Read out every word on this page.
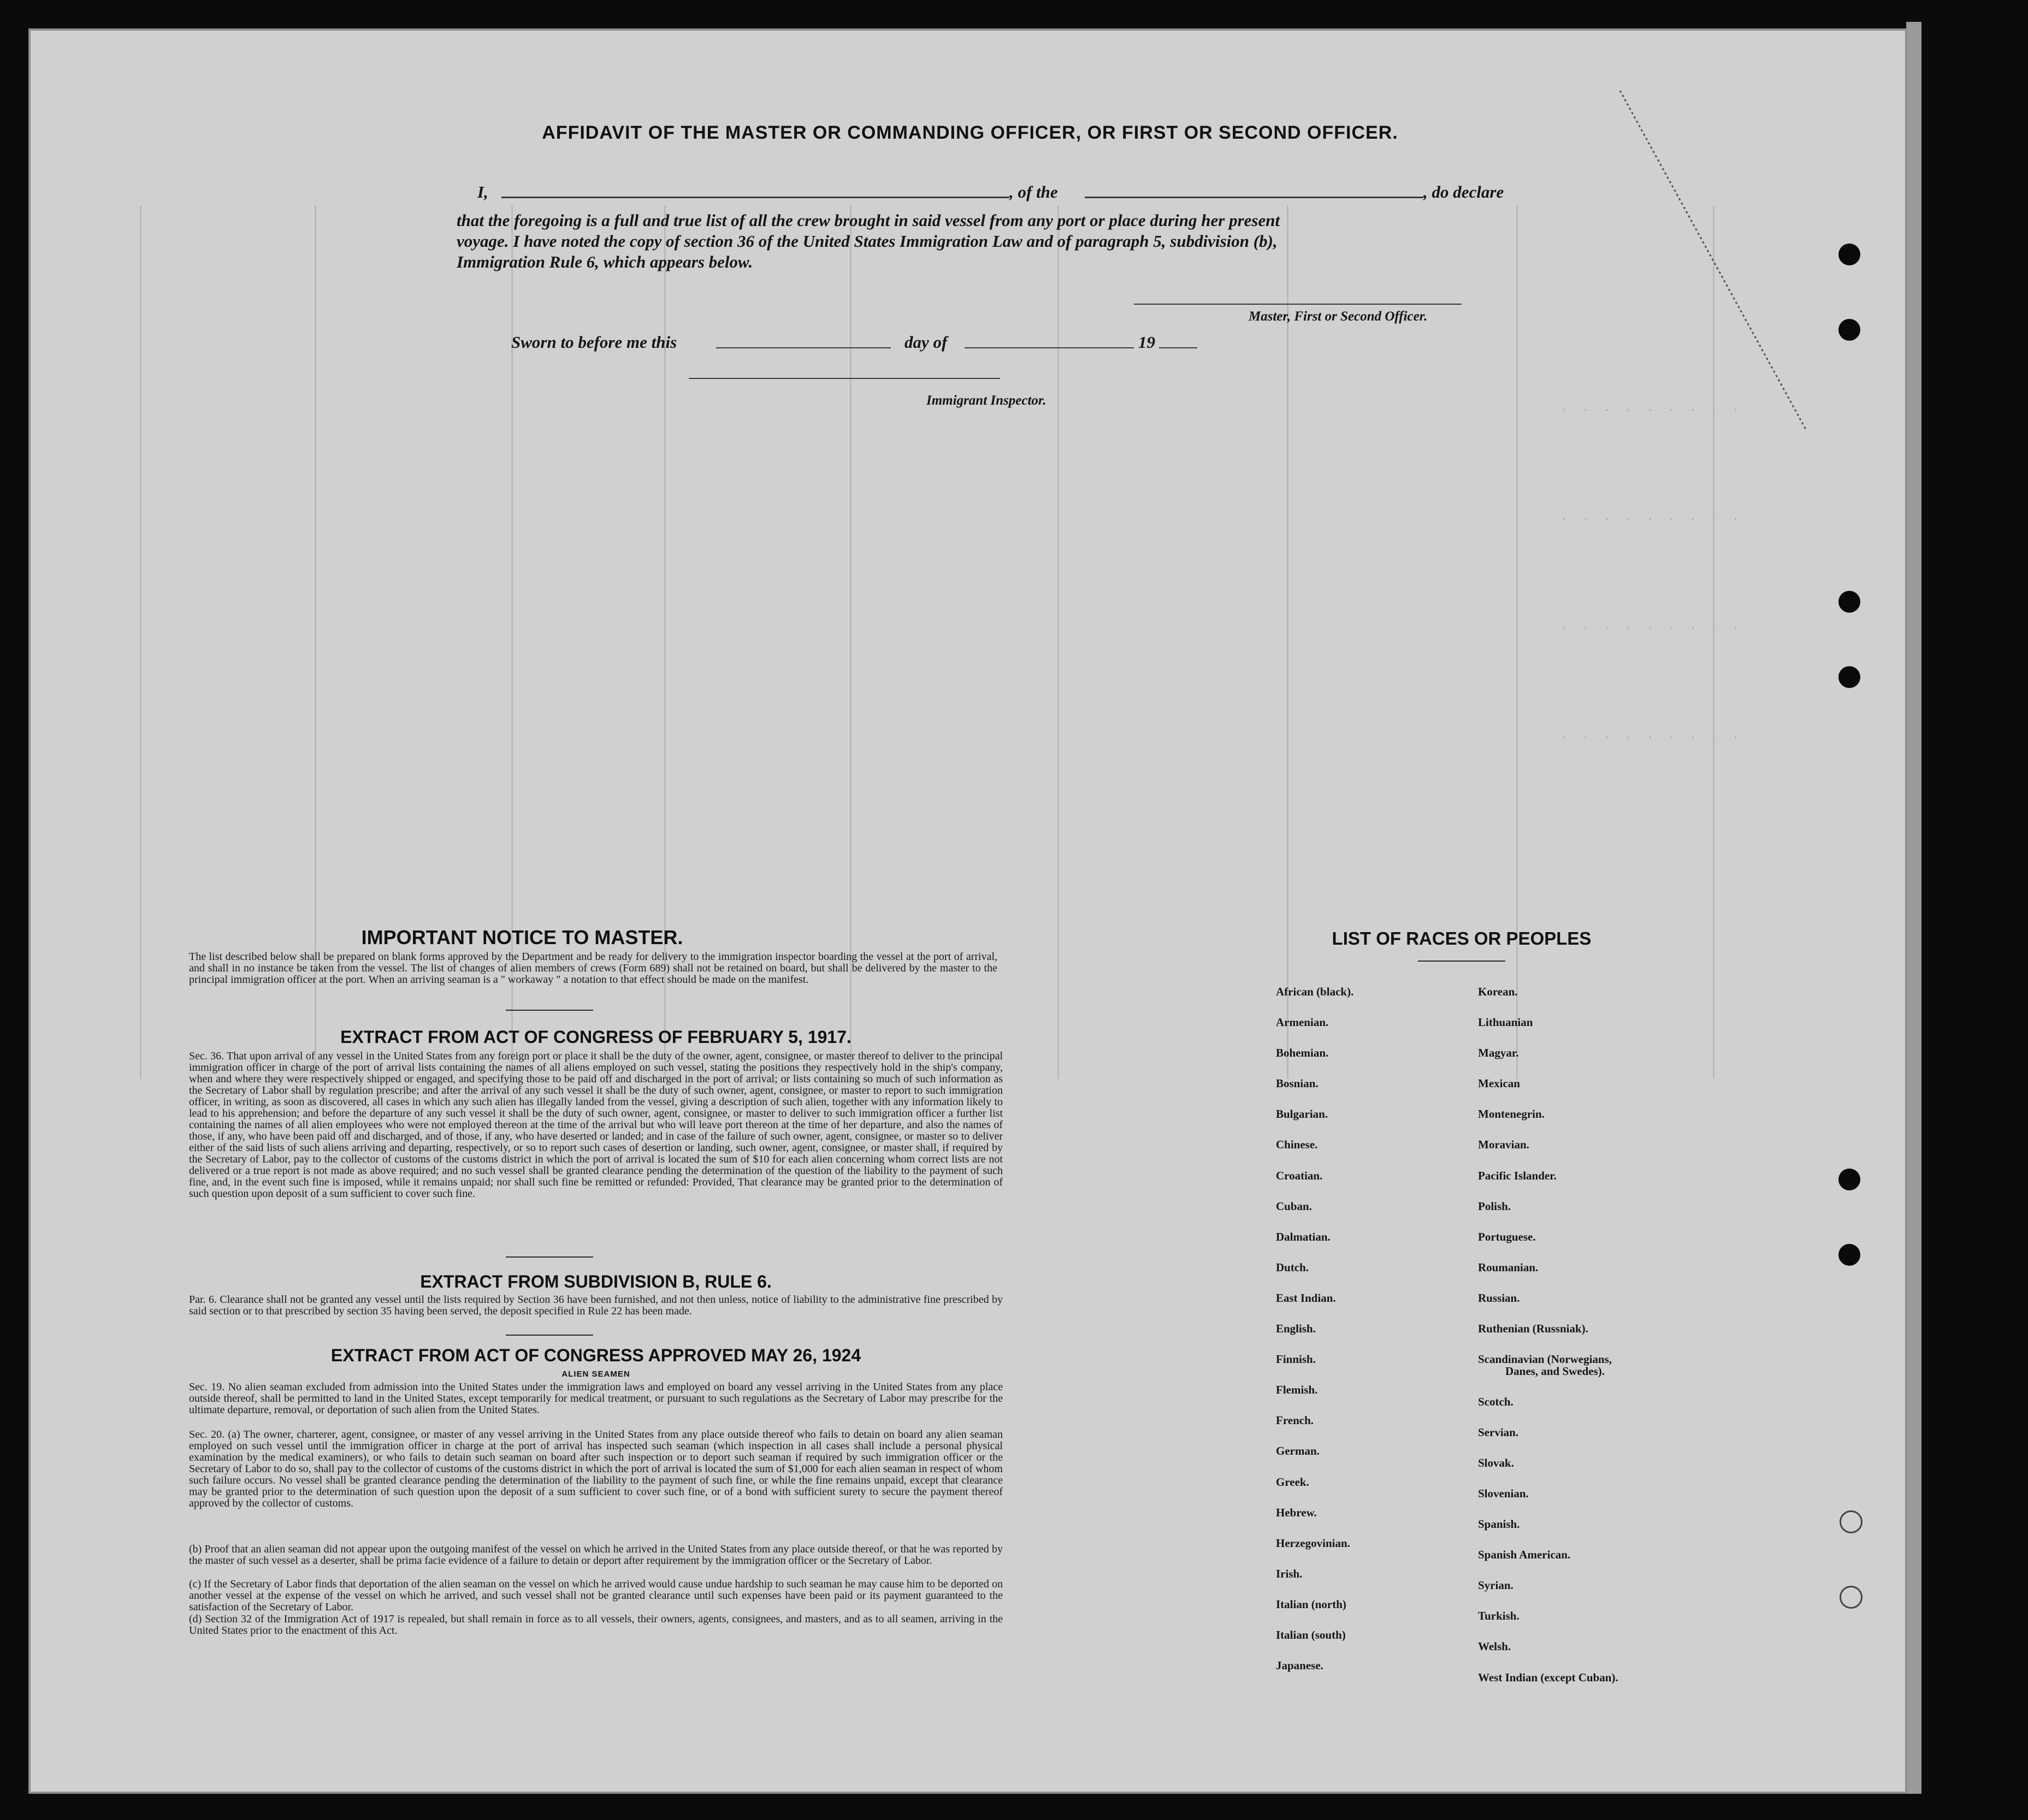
· · · · · · · · ·
· · · · · · · · ·
· · · · · · · · ·
· · · · · · · · ·
AFFIDAVIT OF THE MASTER OR COMMANDING OFFICER, OR FIRST OR SECOND OFFICER.
I,	, of the	, do declare
that the foregoing is a full and true list of all the crew brought in said vessel from any port or place during her present
voyage. I have noted the copy of section 36 of the United States Immigration Law and of paragraph 5, subdivision (b),
Immigration Rule 6, which appears below.
Master, First or Second Officer.
Sworn to before me this	day of	19
Immigrant Inspector.
IMPORTANT NOTICE TO MASTER.
The list described below shall be prepared on blank forms approved by the Department and be ready for delivery to the immigration inspector boarding the vessel at the port of arrival, and shall in no instance be taken from the vessel. The list of changes of alien members of crews (Form 689) shall not be retained on board, but shall be delivered by the master to the principal immigration officer at the port. When an arriving seaman is a " workaway " a notation to that effect should be made on the manifest.
EXTRACT FROM ACT OF CONGRESS OF FEBRUARY 5, 1917.
Sec. 36. That upon arrival of any vessel in the United States from any foreign port or place it shall be the duty of the owner, agent, consignee, or master thereof to deliver to the principal immigration officer in charge of the port of arrival lists containing the names of all aliens employed on such vessel, stating the positions they respectively hold in the ship's company, when and where they were respectively shipped or engaged, and specifying those to be paid off and discharged in the port of arrival; or lists containing so much of such information as the Secretary of Labor shall by regulation prescribe; and after the arrival of any such vessel it shall be the duty of such owner, agent, consignee, or master to report to such immigration officer, in writing, as soon as discovered, all cases in which any such alien has illegally landed from the vessel, giving a description of such alien, together with any information likely to lead to his apprehension; and before the departure of any such vessel it shall be the duty of such owner, agent, consignee, or master to deliver to such immigration officer a further list containing the names of all alien employees who were not employed thereon at the time of the arrival but who will leave port thereon at the time of her departure, and also the names of those, if any, who have been paid off and discharged, and of those, if any, who have deserted or landed; and in case of the failure of such owner, agent, consignee, or master so to deliver either of the said lists of such aliens arriving and departing, respectively, or so to report such cases of desertion or landing, such owner, agent, consignee, or master shall, if required by the Secretary of Labor, pay to the collector of customs of the customs district in which the port of arrival is located the sum of $10 for each alien concerning whom correct lists are not delivered or a true report is not made as above required; and no such vessel shall be granted clearance pending the determination of the question of the liability to the payment of such fine, and, in the event such fine is imposed, while it remains unpaid; nor shall such fine be remitted or refunded: Provided, That clearance may be granted prior to the determination of such question upon deposit of a sum sufficient to cover such fine.
EXTRACT FROM SUBDIVISION B, RULE 6.
Par. 6. Clearance shall not be granted any vessel until the lists required by Section 36 have been furnished, and not then unless, notice of liability to the administrative fine prescribed by said section or to that prescribed by section 35 having been served, the deposit specified in Rule 22 has been made.
EXTRACT FROM ACT OF CONGRESS APPROVED MAY 26, 1924
ALIEN SEAMEN
Sec. 19. No alien seaman excluded from admission into the United States under the immigration laws and employed on board any vessel arriving in the United States from any place outside thereof, shall be permitted to land in the United States, except temporarily for medical treatment, or pursuant to such regulations as the Secretary of Labor may prescribe for the ultimate departure, removal, or deportation of such alien from the United States.
Sec. 20. (a) The owner, charterer, agent, consignee, or master of any vessel arriving in the United States from any place outside thereof who fails to detain on board any alien seaman employed on such vessel until the immigration officer in charge at the port of arrival has inspected such seaman (which inspection in all cases shall include a personal physical examination by the medical examiners), or who fails to detain such seaman on board after such inspection or to deport such seaman if required by such immigration officer or the Secretary of Labor to do so, shall pay to the collector of customs of the customs district in which the port of arrival is located the sum of $1,000 for each alien seaman in respect of whom such failure occurs. No vessel shall be granted clearance pending the determination of the liability to the payment of such fine, or while the fine remains unpaid, except that clearance may be granted prior to the determination of such question upon the deposit of a sum sufficient to cover such fine, or of a bond with sufficient surety to secure the payment thereof approved by the collector of customs.
(b) Proof that an alien seaman did not appear upon the outgoing manifest of the vessel on which he arrived in the United States from any place outside thereof, or that he was reported by the master of such vessel as a deserter, shall be prima facie evidence of a failure to detain or deport after requirement by the immigration officer or the Secretary of Labor.
(c) If the Secretary of Labor finds that deportation of the alien seaman on the vessel on which he arrived would cause undue hardship to such seaman he may cause him to be deported on another vessel at the expense of the vessel on which he arrived, and such vessel shall not be granted clearance until such expenses have been paid or its payment guaranteed to the satisfaction of the Secretary of Labor.
(d) Section 32 of the Immigration Act of 1917 is repealed, but shall remain in force as to all vessels, their owners, agents, consignees, and masters, and as to all seamen, arriving in the United States prior to the enactment of this Act.
LIST OF RACES OR PEOPLES
African (black).
Armenian.
Bohemian.
Bosnian.
Bulgarian.
Chinese.
Croatian.
Cuban.
Dalmatian.
Dutch.
East Indian.
English.
Finnish.
Flemish.
French.
German.
Greek.
Hebrew.
Herzegovinian.
Irish.
Italian (north)
Italian (south)
Japanese.
Korean.
Lithuanian
Magyar.
Mexican
Montenegrin.
Moravian.
Pacific Islander.
Polish.
Portuguese.
Roumanian.
Russian.
Ruthenian (Russniak).
Scandinavian (Norwegians,
Danes, and Swedes).
Scotch.
Servian.
Slovak.
Slovenian.
Spanish.
Spanish American.
Syrian.
Turkish.
Welsh.
West Indian (except Cuban).
